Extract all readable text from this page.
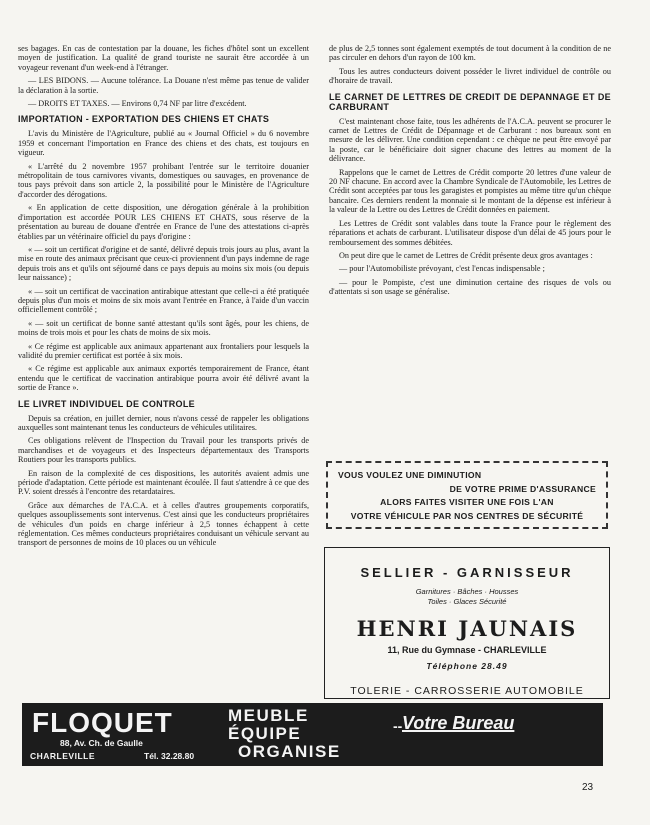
ses bagages. En cas de contestation par la douane, les fiches d'hôtel sont un excellent moyen de justification. La qualité de grand touriste ne saurait être accordée à un voyageur revenant d'un week-end à l'étranger.

— LES BIDONS. — Aucune tolérance. La Douane n'est même pas tenue de valider la déclaration à la sortie.

— DROITS ET TAXES. — Environs 0,74 NF par litre d'excédent.

IMPORTATION - EXPORTATION DES CHIENS ET CHATS

L'avis du Ministère de l'Agriculture, publié au « Journal Officiel » du 6 novembre 1959 et concernant l'importation en France des chiens et des chats, est toujours en vigueur.

« L'arrêté du 2 novembre 1957 prohibant l'entrée sur le territoire douanier métropolitain de tous carnivores vivants, domestiques ou sauvages, en provenance de tous pays prévoit dans son article 2, la possibilité pour le Ministère de l'Agriculture d'accorder des dérogations.

« En application de cette disposition, une dérogation générale à la prohibition d'importation est accordée POUR LES CHIENS ET CHATS, sous réserve de la présentation au bureau de douane d'entrée en France de l'une des attestations ci-après établies par un vétérinaire officiel du pays d'origine :

« — soit un certificat d'origine et de santé, délivré depuis trois jours au plus, avant la mise en route des animaux précisant que ceux-ci proviennent d'un pays indemne de rage depuis trois ans et qu'ils ont séjourné dans ce pays depuis au moins six mois (ou depuis leur naissance) ;

« — soit un certificat de vaccination antirabique attestant que celle-ci a été pratiquée depuis plus d'un mois et moins de six mois avant l'entrée en France, à l'aide d'un vaccin officiellement contrôlé ;

« — soit un certificat de bonne santé attestant qu'ils sont âgés, pour les chiens, de moins de trois mois et pour les chats de moins de six mois.

« Ce régime est applicable aux animaux appartenant aux frontaliers pour lesquels la validité du premier certificat est portée à six mois.

« Ce régime est applicable aux animaux exportés temporairement de France, étant entendu que le certificat de vaccination antirabique pourra avoir été délivré avant la sortie de France ».

LE LIVRET INDIVIDUEL DE CONTROLE

Depuis sa création, en juillet dernier, nous n'avons cessé de rappeler les obligations auxquelles sont maintenant tenus les conducteurs de véhicules utilitaires.

Ces obligations relèvent de l'Inspection du Travail pour les transports privés de marchandises et de voyageurs et des Inspecteurs départementaux des Transports Routiers pour les transports publics.

En raison de la complexité de ces dispositions, les autorités avaient admis une période d'adaptation. Cette période est maintenant écoulée. Il faut s'attendre à ce que des P.V. soient dressés à l'encontre des retardataires.

Grâce aux démarches de l'A.C.A. et à celles d'autres groupements corporatifs, quelques assouplissements sont intervenus. C'est ainsi que les conducteurs propriétaires de véhicules d'un poids en charge inférieur à 2,5 tonnes échappent à cette réglementation. Ces mêmes conducteurs propriétaires conduisant un véhicule servant au transport de personnes de moins de 10 places ou un véhicule

de plus de 2,5 tonnes sont également exemptés de tout document à la condition de ne pas circuler en dehors d'un rayon de 100 km.

Tous les autres conducteurs doivent posséder le livret individuel de contrôle ou d'horaire de travail.

LE CARNET DE LETTRES DE CREDIT DE DEPANNAGE ET DE CARBURANT

C'est maintenant chose faite, tous les adhérents de l'A.C.A. peuvent se procurer le carnet de Lettres de Crédit de Dépannage et de Carburant : nos bureaux sont en mesure de les délivrer. Une condition cependant : ce chèque ne peut être envoyé par la poste, car le bénéficiaire doit signer chacune des lettres au moment de la délivrance.

Rappelons que le carnet de Lettres de Crédit comporte 20 lettres d'une valeur de 20 NF chacune. En accord avec la Chambre Syndicale de l'Automobile, les Lettres de Crédit sont acceptées par tous les garagistes et pompistes au même titre qu'un chèque bancaire. Ces derniers rendent la monnaie si le montant de la dépense est inférieur à la valeur de la Lettre ou des Lettres de Crédit données en paiement.

Les Lettres de Crédit sont valables dans toute la France pour le règlement des réparations et achats de carburant. L'utilisateur dispose d'un délai de 45 jours pour le remboursement des sommes débitées.

On peut dire que le carnet de Lettres de Crédit présente deux gros avantages :

— pour l'Automobiliste prévoyant, c'est l'encas indispensable ;

— pour le Pompiste, c'est une diminution certaine des risques de vols ou d'attentats si son usage se généralise.

VOUS VOULEZ UNE DIMINUTION
DE VOTRE PRIME D'ASSURANCE
ALORS FAITES VISITER UNE FOIS L'AN
VOTRE VÉHICULE PAR NOS CENTRES DE SÉCURITÉ
SELLIER - GARNISSEUR
Garnitures · Bâches · Housses
Toiles · Glaces Sécurité
HENRI JAUNAIS
11, Rue du Gymnase - CHARLEVILLE
Téléphone 28.49
TOLERIE - CARROSSERIE AUTOMOBILE
FLOQUET
88, Av. Ch. de Gaulle
CHARLEVILLE	Tél. 32.28.80
MEUBLE
ÉQUIPE
ORGANISE
-- Votre Bureau
23
